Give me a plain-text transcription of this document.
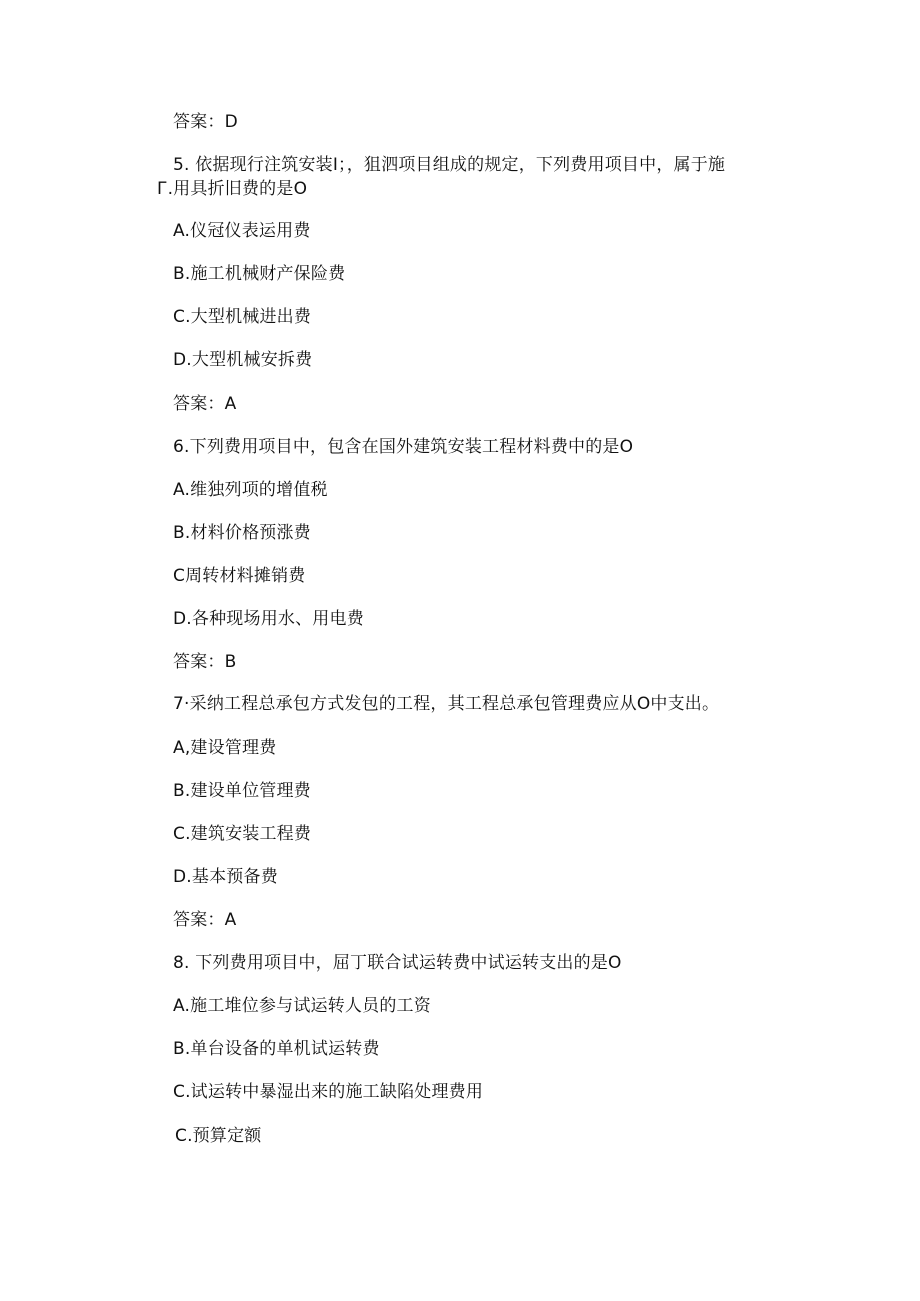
答案：D
5. 依据现行注筑安装I；，狙泗项目组成的规定，下列费用项目中，属于施
Г.用具折旧费的是O
A.仪冠仪表运用费
B.施工机械财产保险费
C.大型机械进出费
D.大型机械安拆费
答案：A
6.下列费用项目中，包含在国外建筑安装工程材料费中的是O
A.维独列项的增值税
B.材料价格预涨费
C周转材料摊销费
D.各种现场用水、用电费
答案：B
7·采纳工程总承包方式发包的工程，其工程总承包管理费应从O中支出。
A,建设管理费
B.建设单位管理费
C.建筑安装工程费
D.基本预备费
答案：A
8. 下列费用项目中，屈丁联合试运转费中试运转支出的是O
A.施工堆位参与试运转人员的工资
B.单台设备的单机试运转费
C.试运转中暴湿出来的施工缺陷处理费用
C.预算定额
